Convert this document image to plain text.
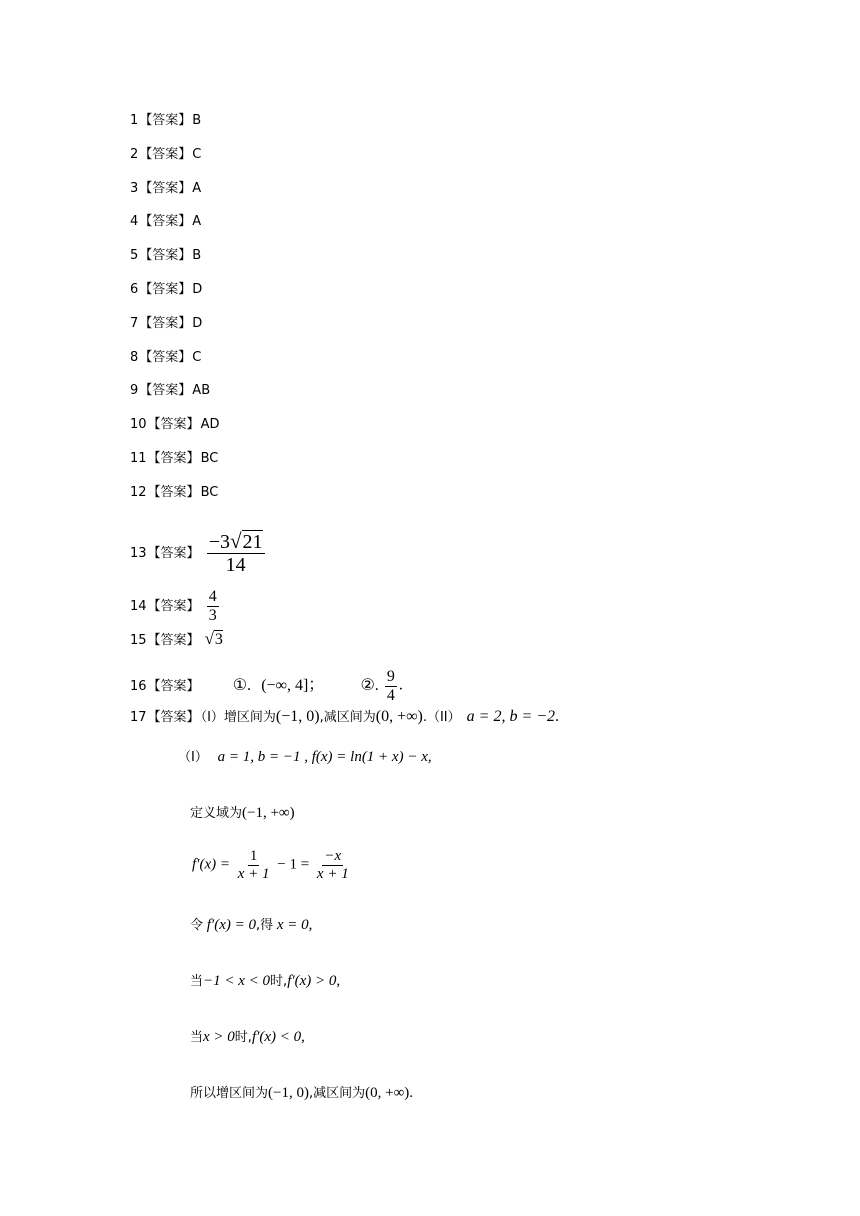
1【答案】B
2【答案】C
3【答案】A
4【答案】A
5【答案】B
6【答案】D
7【答案】D
8【答案】C
9【答案】AB
10【答案】AD
11【答案】BC
12【答案】BC
13【答案】 $\frac{-3√21}{14}$
14【答案】 $\frac{4}{3}$
15【答案】 √3
16【答案】 ①. (−∞, 4]； ②. $\frac{9}{4}$ .
17【答案】（I）增区间为(−1, 0),减区间为(0, +∞).（II） a = 2, b = −2.
（I） a = 1, b = −1 , f(x) = ln(1 + x) − x,
定义域为(−1, +∞)
$f'(x) = \frac{1}{x + 1} - 1 = \frac{-x}{x + 1}$
令 f′(x) = 0,得 x = 0,
当−1 < x < 0时,f′(x) > 0,
当x > 0时,f′(x) < 0,
所以增区间为(−1, 0),减区间为(0, +∞).
